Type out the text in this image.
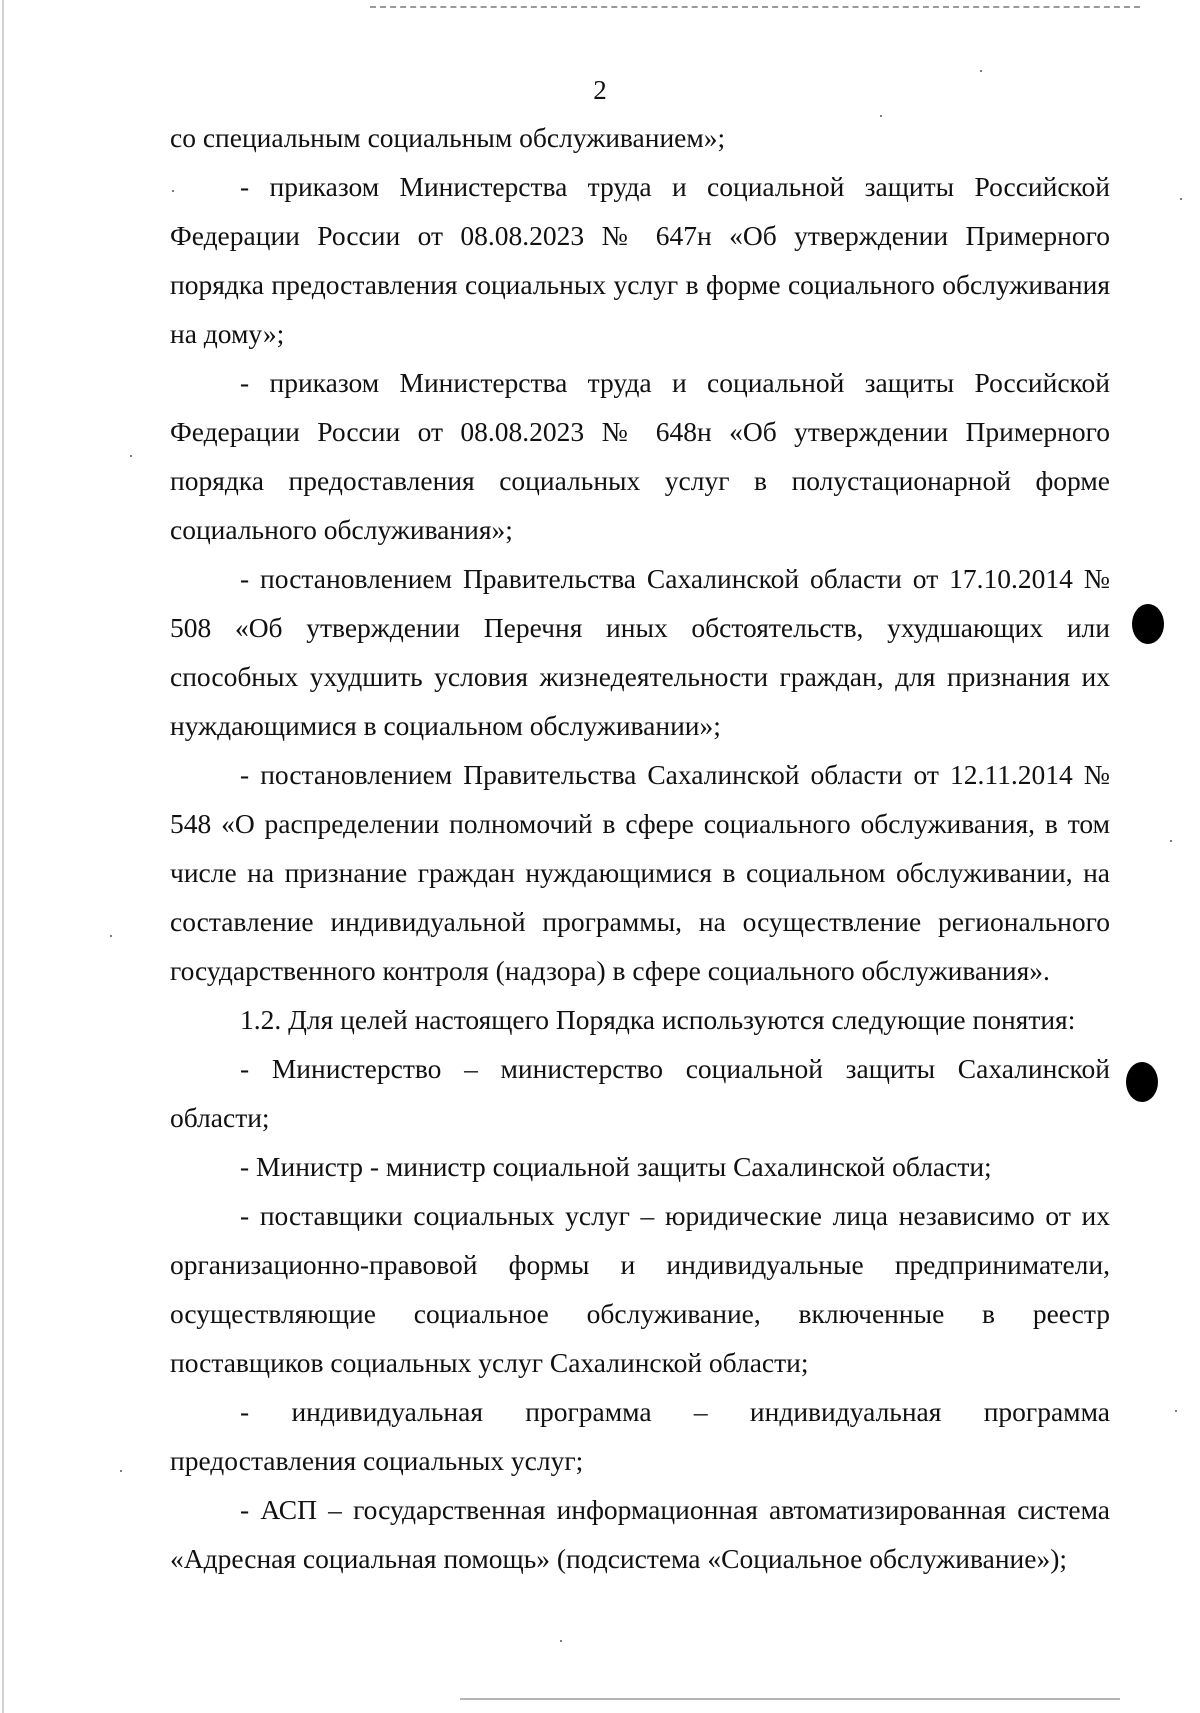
2

со специальным социальным обслуживанием»;

- приказом Министерства труда и социальной защиты Российской Федерации России от 08.08.2023 № 647н «Об утверждении Примерного порядка предоставления социальных услуг в форме социального обслуживания на дому»;

- приказом Министерства труда и социальной защиты Российской Федерации России от 08.08.2023 № 648н «Об утверждении Примерного порядка предоставления социальных услуг в полустационарной форме социального обслуживания»;

- постановлением Правительства Сахалинской области от 17.10.2014 № 508 «Об утверждении Перечня иных обстоятельств, ухудшающих или способных ухудшить условия жизнедеятельности граждан, для признания их нуждающимися в социальном обслуживании»;

- постановлением Правительства Сахалинской области от 12.11.2014 № 548 «О распределении полномочий в сфере социального обслуживания, в том числе на признание граждан нуждающимися в социальном обслуживании, на составление индивидуальной программы, на осуществление регионального государственного контроля (надзора) в сфере социального обслуживания».

1.2. Для целей настоящего Порядка используются следующие понятия:

- Министерство – министерство социальной защиты Сахалинской области;

- Министр - министр социальной защиты Сахалинской области;

- поставщики социальных услуг – юридические лица независимо от их организационно-правовой формы и индивидуальные предприниматели, осуществляющие социальное обслуживание, включенные в реестр поставщиков социальных услуг Сахалинской области;

- индивидуальная программа – индивидуальная программа предоставления социальных услуг;

- АСП – государственная информационная автоматизированная система «Адресная социальная помощь» (подсистема «Социальное обслуживание»);
